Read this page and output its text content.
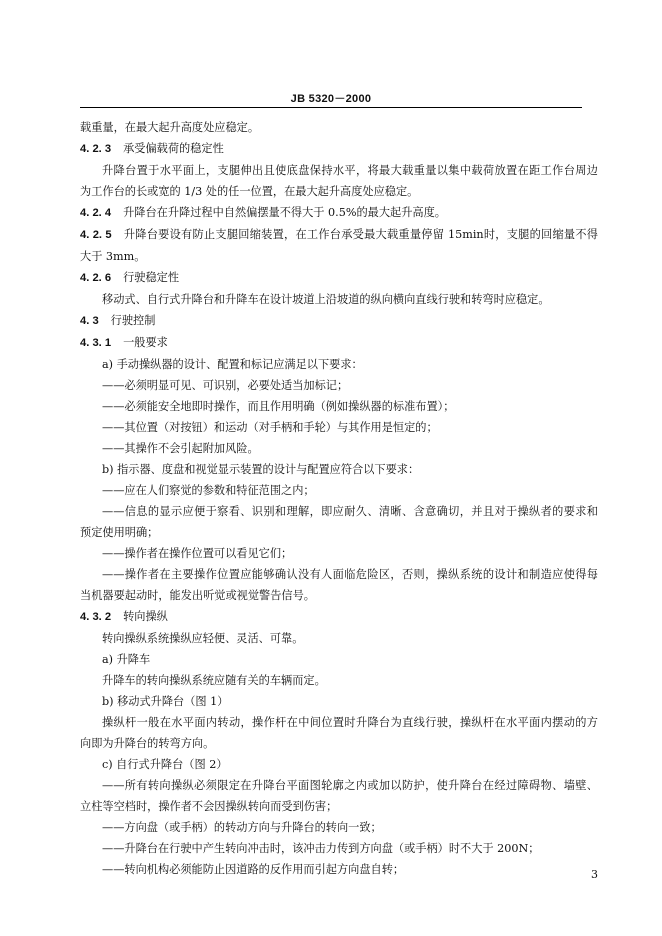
JB 5320－2000
载重量，在最大起升高度处应稳定。
4. 2. 3 承受偏载荷的稳定性
升降台置于水平面上，支腿伸出且使底盘保持水平，将最大载重量以集中载荷放置在距工作台周边
为工作台的长或宽的 1/3 处的任一位置，在最大起升高度处应稳定。
4. 2. 4 升降台在升降过程中自然偏摆量不得大于 0.5%的最大起升高度。
4. 2. 5 升降台要设有防止支腿回缩装置，在工作台承受最大载重量停留 15min时，支腿的回缩量不得
大于 3mm。
4. 2. 6 行驶稳定性
移动式、自行式升降台和升降车在设计坡道上沿坡道的纵向横向直线行驶和转弯时应稳定。
4. 3 行驶控制
4. 3. 1 一般要求
a) 手动操纵器的设计、配置和标记应满足以下要求：
——必须明显可见、可识别，必要处适当加标记；
——必须能安全地即时操作，而且作用明确（例如操纵器的标准布置）；
——其位置（对按钮）和运动（对手柄和手轮）与其作用是恒定的；
——其操作不会引起附加风险。
b) 指示器、度盘和视觉显示装置的设计与配置应符合以下要求：
——应在人们察觉的参数和特征范围之内；
——信息的显示应便于察看、识别和理解，即应耐久、清晰、含意确切，并且对于操纵者的要求和
预定使用明确；
——操作者在操作位置可以看见它们；
——操作者在主要操作位置应能够确认没有人面临危险区，否则，操纵系统的设计和制造应使得每
当机器要起动时，能发出听觉或视觉警告信号。
4. 3. 2 转向操纵
转向操纵系统操纵应轻便、灵活、可靠。
a) 升降车
升降车的转向操纵系统应随有关的车辆而定。
b) 移动式升降台（图 1）
操纵杆一般在水平面内转动，操作杆在中间位置时升降台为直线行驶，操纵杆在水平面内摆动的方
向即为升降台的转弯方向。
c) 自行式升降台（图 2）
——所有转向操纵必须限定在升降台平面图轮廓之内或加以防护，使升降台在经过障碍物、墙壁、
立柱等空档时，操作者不会因操纵转向而受到伤害；
——方向盘（或手柄）的转动方向与升降台的转向一致；
——升降台在行驶中产生转向冲击时，该冲击力传到方向盘（或手柄）时不大于 200N；
——转向机构必须能防止因道路的反作用而引起方向盘自转；	3
